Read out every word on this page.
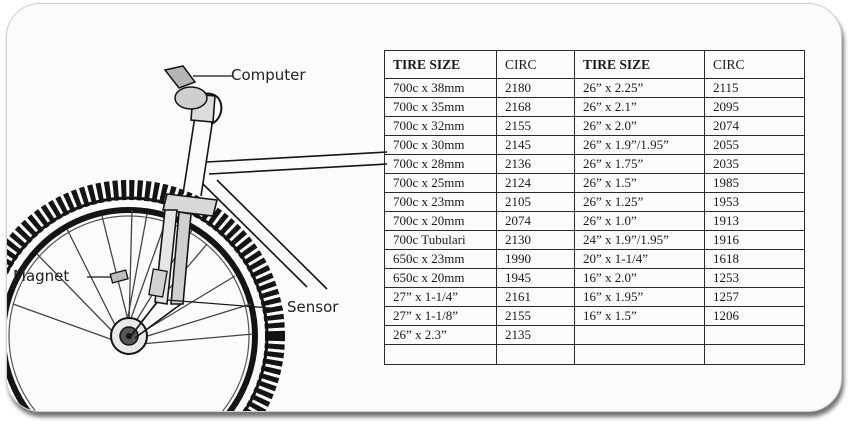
Computer
Magnet
Sensor
TIRE SIZE	CIRC	TIRE SIZE	CIRC
700c x 38mm	2180	26” x 2.25”	2115
700c x 35mm	2168	26” x 2.1”	2095
700c x 32mm	2155	26” x 2.0”	2074
700c x 30mm	2145	26” x 1.9”/1.95”	2055
700c x 28mm	2136	26” x 1.75”	2035
700c x 25mm	2124	26” x 1.5”	1985
700c x 23mm	2105	26” x 1.25”	1953
700c x 20mm	2074	26” x 1.0”	1913
700c Tubulari	2130	24” x 1.9”/1.95”	1916
650c x 23mm	1990	20” x 1-1/4”	1618
650c x 20mm	1945	16” x 2.0”	1253
27” x 1-1/4”	2161	16” x 1.95”	1257
27” x 1-1/8”	2155	16” x 1.5”	1206
26” x 2.3”	2135		
